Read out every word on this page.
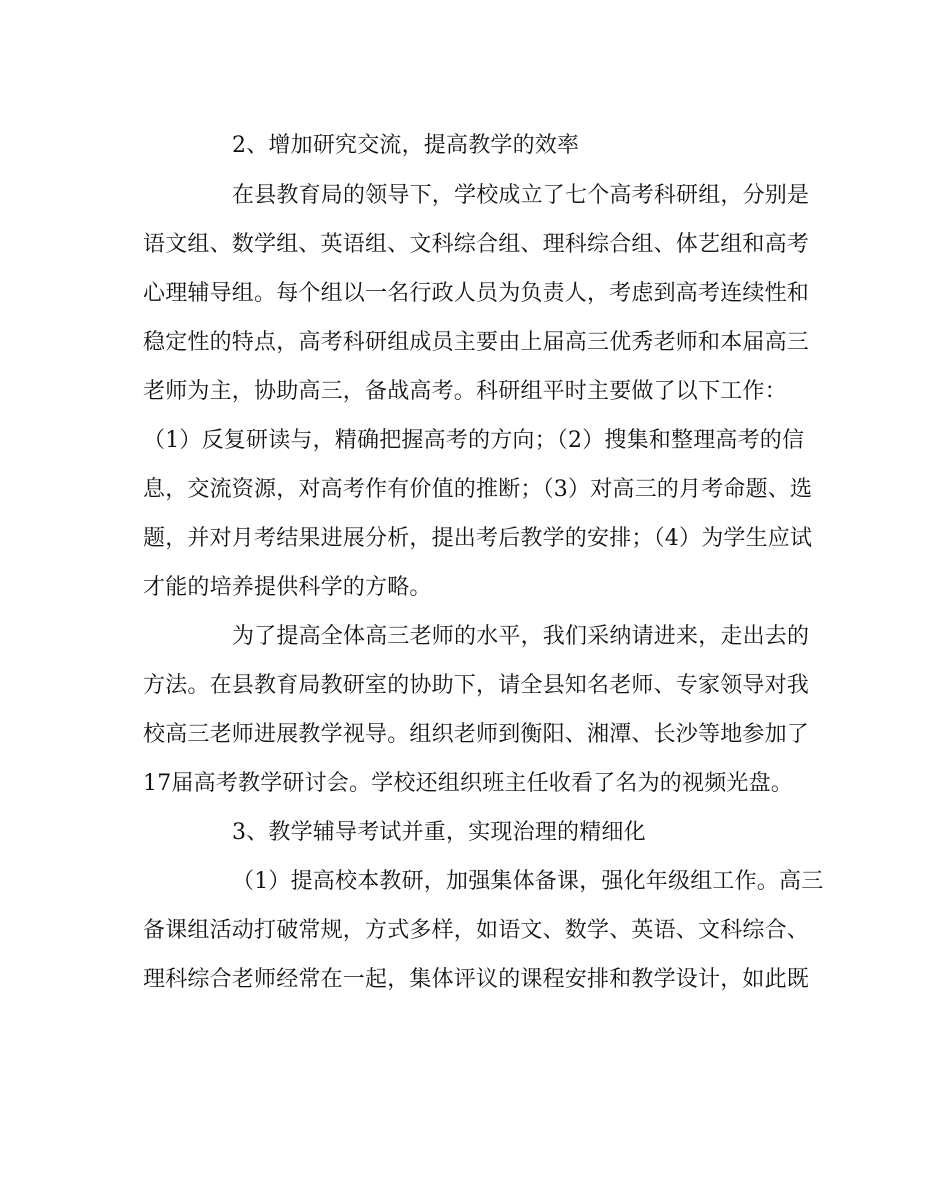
2、增加研究交流，提高教学的效率
在县教育局的领导下，学校成立了七个高考科研组，分别是
语文组、数学组、英语组、文科综合组、理科综合组、体艺组和高考
心理辅导组。每个组以一名行政人员为负责人，考虑到高考连续性和
稳定性的特点，高考科研组成员主要由上届高三优秀老师和本届高三
老师为主，协助高三，备战高考。科研组平时主要做了以下工作：
（1）反复研读与，精确把握高考的方向；（2）搜集和整理高考的信
息，交流资源，对高考作有价值的推断；（3）对高三的月考命题、选
题，并对月考结果进展分析，提出考后教学的安排；（4）为学生应试
才能的培养提供科学的方略。
为了提高全体高三老师的水平，我们采纳请进来，走出去的
方法。在县教育局教研室的协助下，请全县知名老师、专家领导对我
校高三老师进展教学视导。组织老师到衡阳、湘潭、长沙等地参加了
17届高考教学研讨会。学校还组织班主任收看了名为的视频光盘。
3、教学辅导考试并重，实现治理的精细化
（1）提高校本教研，加强集体备课，强化年级组工作。高三
备课组活动打破常规，方式多样，如语文、数学、英语、文科综合、
理科综合老师经常在一起，集体评议的课程安排和教学设计，如此既
